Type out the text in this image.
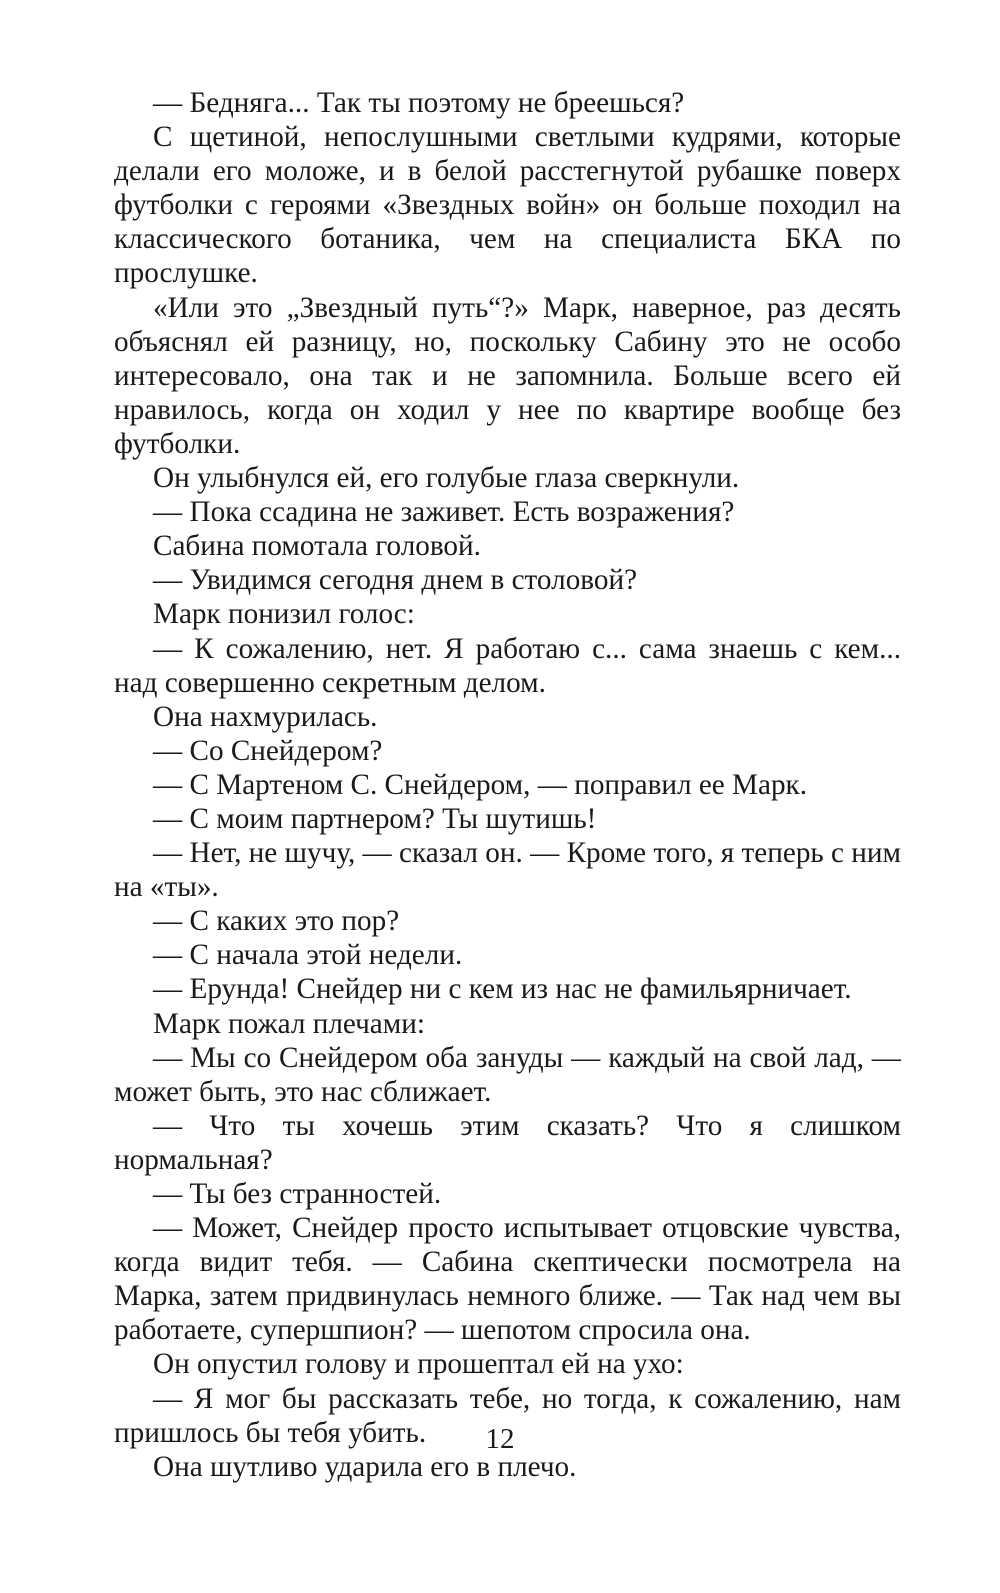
— Бедняга... Так ты поэтому не бреешься?

С щетиной, непослушными светлыми кудрями, которые делали его моложе, и в белой расстегнутой рубашке поверх футболки с героями «Звездных войн» он больше походил на классического ботаника, чем на специалиста БКА по прослушке.

«Или это „Звездный путь“?» Марк, наверное, раз десять объяснял ей разницу, но, поскольку Сабину это не особо интересовало, она так и не запомнила. Больше всего ей нравилось, когда он ходил у нее по квартире вообще без футболки.

Он улыбнулся ей, его голубые глаза сверкнули.

— Пока ссадина не заживет. Есть возражения?

Сабина помотала головой.

— Увидимся сегодня днем в столовой?

Марк понизил голос:

— К сожалению, нет. Я работаю с... сама знаешь с кем... над совершенно секретным делом.

Она нахмурилась.

— Со Снейдером?

— С Мартеном С. Снейдером, — поправил ее Марк.

— С моим партнером? Ты шутишь!

— Нет, не шучу, — сказал он. — Кроме того, я теперь с ним на «ты».

— С каких это пор?

— С начала этой недели.

— Ерунда! Снейдер ни с кем из нас не фамильярничает.

Марк пожал плечами:

— Мы со Снейдером оба зануды — каждый на свой лад, — может быть, это нас сближает.

— Что ты хочешь этим сказать? Что я слишком нормальная?

— Ты без странностей.

— Может, Снейдер просто испытывает отцовские чувства, когда видит тебя. — Сабина скептически посмотрела на Марка, затем придвинулась немного ближе. — Так над чем вы работаете, супершпион? — шепотом спросила она.

Он опустил голову и прошептал ей на ухо:

— Я мог бы рассказать тебе, но тогда, к сожалению, нам пришлось бы тебя убить.

Она шутливо ударила его в плечо.

12
